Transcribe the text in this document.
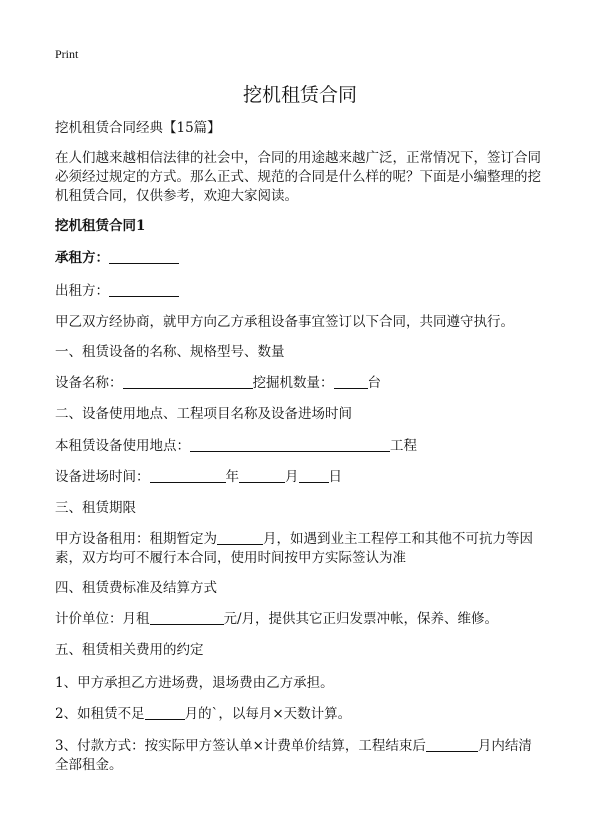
Print
挖机租赁合同
挖机租赁合同经典【15篇】
在人们越来越相信法律的社会中，合同的用途越来越广泛，正常情况下，签订合同
必须经过规定的方式。那么正式、规范的合同是什么样的呢？下面是小编整理的挖
机租赁合同，仅供参考，欢迎大家阅读。
挖机租赁合同1
承租方：
出租方：
甲乙双方经协商，就甲方向乙方承租设备事宜签订以下合同，共同遵守执行。
一、租赁设备的名称、规格型号、数量
设备名称：	挖掘机数量：	台
二、设备使用地点、工程项目名称及设备进场时间
本租赁设备使用地点：	工程
设备进场时间：	年	月 日
三、租赁期限
甲方设备租用：租期暂定为	月，如遇到业主工程停工和其他不可抗力等因
素，双方均可不履行本合同，使用时间按甲方实际签认为准
四、租赁费标准及结算方式
计价单位：月租	元/月，提供其它正归发票冲帐，保养、维修。
五、租赁相关费用的约定
1、甲方承担乙方进场费，退场费由乙方承担。
2、如租赁不足	月的`，以每月×天数计算。
3、付款方式：按实际甲方签认单×计费单价结算，工程结束后	月内结清
全部租金。
